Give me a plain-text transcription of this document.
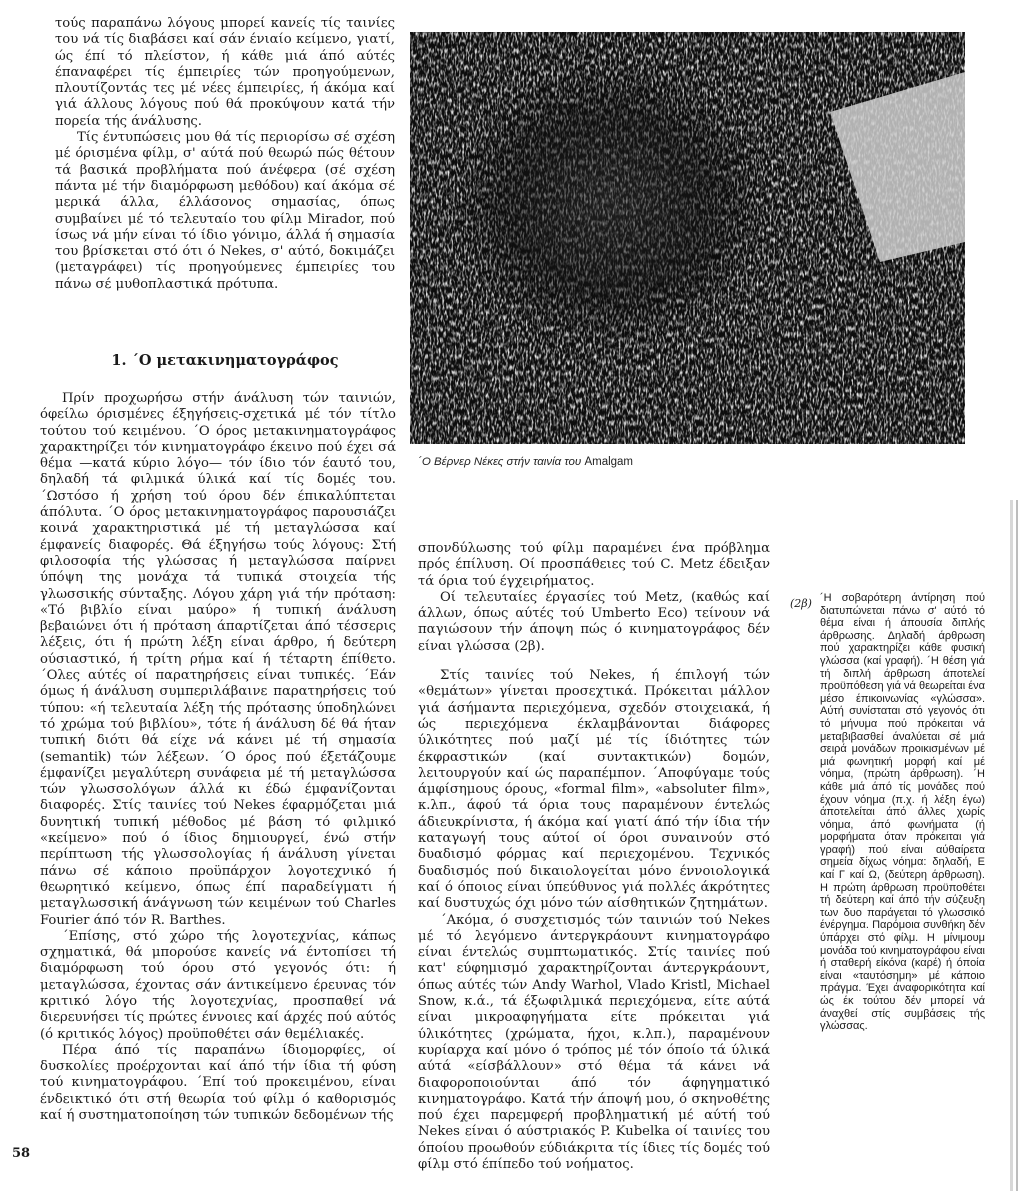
τούς παραπάνω λόγους μπορεί κανείς τίς ταινίες του νά τίς διαβάσει καί σάν ένιαίο κείμενο, γιατί, ώς έπί τό πλείστον, ή κάθε μιά άπό αύτές έπαναφέρει τίς έμπειρίες τών προηγούμενων, πλουτίζοντάς τες μέ νέες έμπειρίες, ή άκόμα καί γιά άλλους λόγους πού θά προκύψουν κατά τήν πορεία τής άνάλυσης.

Τίς έντυπώσεις μου θά τίς περιορίσω σέ σχέση μέ όρισμένα φίλμ, σ' αύτά πού θεωρώ πώς θέτουν τά βασικά προβλήματα πού άνέφερα (σέ σχέση πάντα μέ τήν διαμόρφωση μεθόδου) καί άκόμα σέ μερικά άλλα, έλλάσονος σημασίας, όπως συμβαίνει μέ τό τελευταίο του φίλμ Mirador, πού ίσως νά μήν είναι τό ίδιο γόνιμο, άλλά ή σημασία του βρίσκεται στό ότι ό Nekes, σ' αύτό, δοκιμάζει (μεταγράφει) τίς προηγούμενες έμπειρίες του πάνω σέ μυθοπλαστικά πρότυπα.

1. ´Ο μετακινηματογράφος

Πρίν προχωρήσω στήν άνάλυση τών ταινιών, όφείλω όρισμένες έξηγήσεις-σχετικά μέ τόν τίτλο τούτου τού κειμένου. ´Ο όρος μετακινηματογράφος χαρακτηρίζει τόν κινηματογράφο έκεινο πού έχει σά θέμα —κατά κύριο λόγο— τόν ίδιο τόν έαυτό του, δηλαδή τά φιλμικά ύλικά καί τίς δομές του. ´Ωστόσο ή χρήση τού όρου δέν έπικαλύπτεται άπόλυτα. ´Ο όρος μετακινηματογράφος παρουσιάζει κοινά χαρακτηριστικά μέ τή μεταγλώσσα καί έμφανείς διαφορές. Θά έξηγήσω τούς λόγους: Στή φιλοσοφία τής γλώσσας ή μεταγλώσσα παίρνει ύπόψη της μονάχα τά τυπικά στοιχεία τής γλωσσικής σύνταξης. Λόγου χάρη γιά τήν πρόταση: «Τό βιβλίο είναι μαύρο» ή τυπική άνάλυση βεβαιώνει ότι ή πρόταση άπαρτίζεται άπό τέσσερις λέξεις, ότι ή πρώτη λέξη είναι άρθρο, ή δεύτερη ούσιαστικό, ή τρίτη ρήμα καί ή τέταρτη έπίθετο. ´Ολες αύτές οί παρατηρήσεις είναι τυπικές. ´Εάν όμως ή άνάλυση συμπεριλάβαινε παρατηρήσεις τού τύπου: «ή τελευταία λέξη τής πρότασης ύποδηλώνει τό χρώμα τού βιβλίου», τότε ή άνάλυση δέ θά ήταν τυπική διότι θά είχε νά κάνει μέ τή σημασία (semantik) τών λέξεων. ´Ο όρος πού έξετάζουμε έμφανίζει μεγαλύτερη συνάφεια μέ τή μεταγλώσσα τών γλωσσολόγων άλλά κι έδώ έμφανίζονται διαφορές. Στίς ταινίες τού Nekes έφαρμόζεται μιά δυνητική τυπική μέθοδος μέ βάση τό φιλμικό «κείμενο» πού ό ίδιος δημιουργεί, ένώ στήν περίπτωση τής γλωσσολογίας ή άνάλυση γίνεται πάνω σέ κάποιο προϋπάρχον λογοτεχνικό ή θεωρητικό κείμενο, όπως έπί παραδείγματι ή μεταγλωσσική άνάγνωση τών κειμένων τού Charles Fourier άπό τόν R. Barthes.

´Επίσης, στό χώρο τής λογοτεχνίας, κάπως σχηματικά, θά μπορούσε κανείς νά έντοπίσει τή διαμόρφωση τού όρου στό γεγονός ότι: ή μεταγλώσσα, έχοντας σάν άντικείμενο έρευνας τόν κριτικό λόγο τής λογοτεχνίας, προσπαθεί νά διερευνήσει τίς πρώτες έννοιες καί άρχές πού αύτός (ό κριτικός λόγος) προϋποθέτει σάν θεμέλιακές.

Πέρα άπό τίς παραπάνω ίδιομορφίες, οί δυσκολίες προέρχονται καί άπό τήν ίδια τή φύση τού κινηματογράφου. ´Επί τού προκειμένου, είναι ένδεικτικό ότι στή θεωρία τού φίλμ ό καθορισμός καί ή συστηματοποίηση τών τυπικών δεδομένων τής

´Ο Βέρνερ Νέκες στήν ταινία του Amalgam

σπονδύλωσης τού φίλμ παραμένει ένα πρόβλημα πρός έπίλυση. Οί προσπάθειες τού C. Metz έδειξαν τά όρια τού έγχειρήματος.

Οί τελευταίες έργασίες τού Metz, (καθώς καί άλλων, όπως αύτές τού Umberto Eco) τείνουν νά παγιώσουν τήν άποψη πώς ό κινηματογράφος δέν είναι γλώσσα (2β).

Στίς ταινίες τού Nekes, ή έπιλογή τών «θεμάτων» γίνεται προσεχτικά. Πρόκειται μάλλον γιά άσήμαντα περιεχόμενα, σχεδόν στοιχειακά, ή ώς περιεχόμενα έκλαμβάνονται διάφορες ύλικότητες πού μαζί μέ τίς ίδιότητες τών έκφραστικών (καί συντακτικών) δομών, λειτουργούν καί ώς παραπέμπον. ´Αποφύγαμε τούς άμφίσημους όρους, «formal film», «absoluter film», κ.λπ., άφού τά όρια τους παραμένουν έντελώς άδιευκρίνιστα, ή άκόμα καί γιατί άπό τήν ίδια τήν καταγωγή τους αύτοί οί όροι συναινούν στό δυαδισμό φόρμας καί περιεχομένου. Τεχνικός δυαδισμός πού δικαιολογείται μόνο έννοιολογικά καί ό όποιος είναι ύπεύθυνος γιά πολλές άκρότητες καί δυστυχώς όχι μόνο τών αίσθητικών ζητημάτων.

´Ακόμα, ό συσχετισμός τών ταινιών τού Nekes μέ τό λεγόμενο άντεργκράουντ κινηματογράφο είναι έντελώς συμπτωματικός. Στίς ταινίες πού κατ' εύφημισμό χαρακτηρίζονται άντεργκράουντ, όπως αύτές τών Andy Warhol, Vlado Kristl, Michael Snow, κ.ά., τά έξωφιλμικά περιεχόμενα, είτε αύτά είναι μικροαφηγήματα είτε πρόκειται γιά ύλικότητες (χρώματα, ήχοι, κ.λπ.), παραμένουν κυρίαρχα καί μόνο ό τρόπος μέ τόν όποίο τά ύλικά αύτά «είσβάλλουν» στό θέμα τά κάνει νά διαφοροποιούνται άπό τόν άφηγηματικό κινηματογράφο. Κατά τήν άποψή μου, ό σκηνοθέτης πού έχει παρεμφερή προβληματική μέ αύτή τού Nekes είναι ό αύστριακός P. Kubelka οί ταινίες του όποίου προωθούν εύδιάκριτα τίς ίδιες τίς δομές τού φίλμ στό έπίπεδο τού νοήματος.

(2β) ´Η σοβαρότερη άντίρηση πού διατυπώνεται πάνω σ' αύτό τό θέμα είναι ή άπουσία διπλής άρθρωσης. Δηλαδή άρθρωση πού χαρακτηρίζει κάθε φυσική γλώσσα (καί γραφή). ´Η θέση γιά τή διπλή άρθρωση άποτελεί προϋπόθεση γιά νά θεωρείται ένα μέσο έπικοινωνίας «γλώσσα». Αύτή συνίσταται στό γεγονός ότι τό μήνυμα πού πρόκειται νά μεταβιβασθεί άναλύεται σέ μιά σειρά μονάδων προικισμένων μέ μιά φωνητική μορφή καί μέ νόημα, (πρώτη άρθρωση). ´Η κάθε μιά άπό τίς μονάδες πού έχουν νόημα (π.χ. ή λέξη έγω) άποτελείται άπό άλλες χωρίς νόημα, άπό φωνήματα (ή μορφήματα όταν πρόκειται γιά γραφή) πού είναι αύθαίρετα σημεία δίχως νόημα: δηλαδή, Ε καί Γ καί Ω, (δεύτερη άρθρωση). Η πρώτη άρθρωση προϋποθέτει τή δεύτερη καί άπό τήν σύζευξη των δυο παράγεται τό γλωσσικό ένέργημα. Παρόμοια συνθήκη δέν ύπάρχει στό φίλμ. Η μίνιμουμ μονάδα τού κινηματογράφου είναι ή σταθερή είκόνα (καρέ) ή όποία είναι «ταυτόσημη» μέ κάποιο πράγμα. Έχει άναφορικότητα καί ώς έκ τούτου δέν μπορεί νά άναχθεί στίς συμβάσεις τής γλώσσας.

58
